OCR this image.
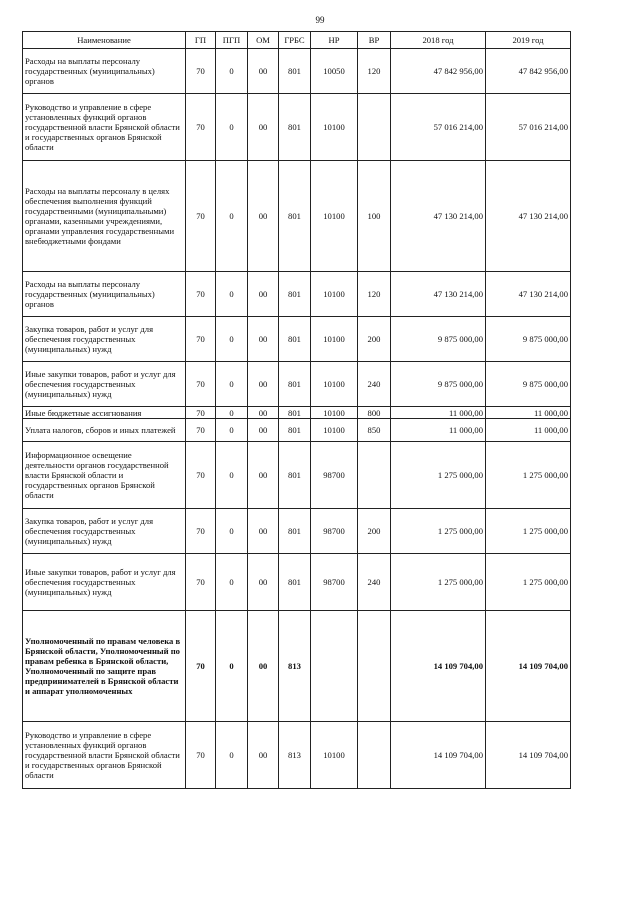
99
Наименование	ГП	ПГП	ОМ	ГРБС	НР	ВР	2018 год	2019 год
Расходы на выплаты персоналу государственных (муниципальных) органов	70	0	00	801	10050	120	47 842 956,00	47 842 956,00
Руководство и управление в сфере установленных функций органов государственной власти Брянской области и государственных органов Брянской области	70	0	00	801	10100		57 016 214,00	57 016 214,00
Расходы на выплаты персоналу в целях обеспечения выполнения функций государственными (муниципальными) органами, казенными учреждениями, органами управления государственными внебюджетными фондами	70	0	00	801	10100	100	47 130 214,00	47 130 214,00
Расходы на выплаты персоналу государственных (муниципальных) органов	70	0	00	801	10100	120	47 130 214,00	47 130 214,00
Закупка товаров, работ и услуг для обеспечения государственных (муниципальных) нужд	70	0	00	801	10100	200	9 875 000,00	9 875 000,00
Иные закупки товаров, работ и услуг для обеспечения государственных (муниципальных) нужд	70	0	00	801	10100	240	9 875 000,00	9 875 000,00
Иные бюджетные ассигнования	70	0	00	801	10100	800	11 000,00	11 000,00
Уплата налогов, сборов и иных платежей	70	0	00	801	10100	850	11 000,00	11 000,00
Информационное освещение деятельности органов государственной власти Брянской области и государственных органов Брянской области	70	0	00	801	98700		1 275 000,00	1 275 000,00
Закупка товаров, работ и услуг для обеспечения государственных (муниципальных) нужд	70	0	00	801	98700	200	1 275 000,00	1 275 000,00
Иные закупки товаров, работ и услуг для обеспечения государственных (муниципальных) нужд	70	0	00	801	98700	240	1 275 000,00	1 275 000,00
Уполномоченный по правам человека в Брянской области, Уполномоченный по правам ребенка в Брянской области, Уполномоченный по защите прав предпринимателей в Брянской области и аппарат уполномоченных	70	0	00	813			14 109 704,00	14 109 704,00
Руководство и управление в сфере установленных функций органов государственной власти Брянской области и государственных органов Брянской области	70	0	00	813	10100		14 109 704,00	14 109 704,00
